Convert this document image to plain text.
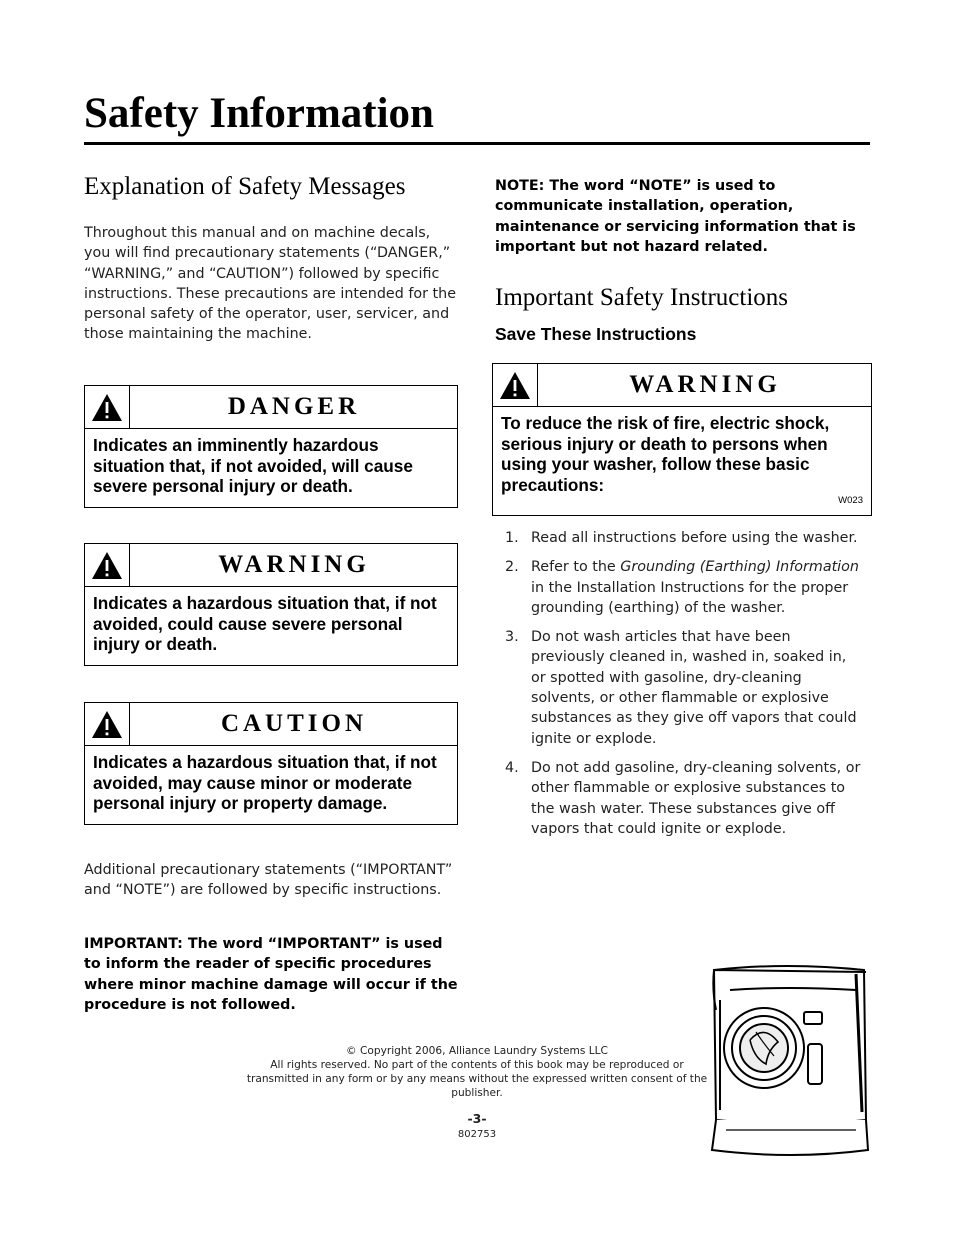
Safety Information
Explanation of Safety Messages

Throughout this manual and on machine decals, you will find precautionary statements (“DANGER,” “WARNING,” and “CAUTION”) followed by specific instructions. These precautions are intended for the personal safety of the operator, user, servicer, and those maintaining the machine.

DANGER
Indicates an imminently hazardous situation that, if not avoided, will cause severe personal injury or death.
WARNING
Indicates a hazardous situation that, if not avoided, could cause severe personal injury or death.
CAUTION
Indicates a hazardous situation that, if not avoided, may cause minor or moderate personal injury or property damage.

Additional precautionary statements (“IMPORTANT” and “NOTE”) are followed by specific instructions.

IMPORTANT: The word “IMPORTANT” is used to inform the reader of specific procedures where minor machine damage will occur if the procedure is not followed.

NOTE: The word “NOTE” is used to communicate installation, operation, maintenance or servicing information that is important but not hazard related.

Important Safety Instructions

Save These Instructions

WARNING
To reduce the risk of fire, electric shock, serious injury or death to persons when using your washer, follow these basic precautions:
W023
1. Read all instructions before using the washer.
2. Refer to the Grounding (Earthing) Information in the Installation Instructions for the proper grounding (earthing) of the washer.
3. Do not wash articles that have been previously cleaned in, washed in, soaked in, or spotted with gasoline, dry-cleaning solvents, or other flammable or explosive substances as they give off vapors that could ignite or explode.
4. Do not add gasoline, dry-cleaning solvents, or other flammable or explosive substances to the wash water. These substances give off vapors that could ignite or explode.

© Copyright 2006, Alliance Laundry Systems LLC

All rights reserved. No part of the contents of this book may be reproduced or transmitted in any form or by any means without the expressed written consent of the publisher.

-3-

802753
